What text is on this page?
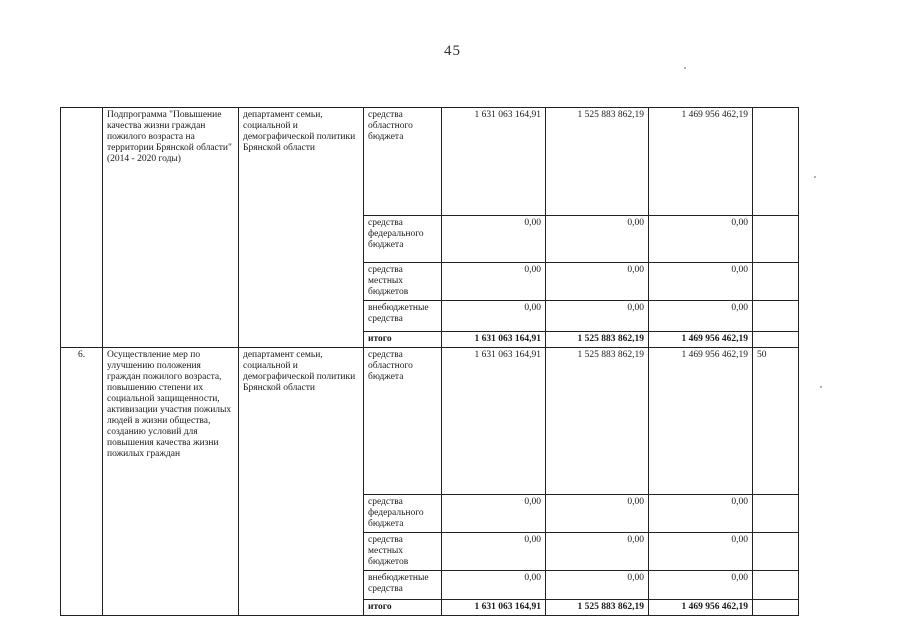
45
	Подпрограмма "Повышение качества жизни граждан пожилого возраста на территории Брянской области" (2014 - 2020 годы)	департамент семьи, социальной и демографической политики Брянской области	средства областного бюджета	1 631 063 164,91	1 525 883 862,19	1 469 956 462,19	
			средства федерального бюджета	0,00	0,00	0,00	
			средства местных бюджетов	0,00	0,00	0,00	
			внебюджетные средства	0,00	0,00	0,00	
			итого	1 631 063 164,91	1 525 883 862,19	1 469 956 462,19	
6.	Осуществление мер по улучшению положения граждан пожилого возраста, повышению степени их социальной защищенности, активизации участия пожилых людей в жизни общества, созданию условий для повышения качества жизни пожилых граждан	департамент семьи, социальной и демографической политики Брянской области	средства областного бюджета	1 631 063 164,91	1 525 883 862,19	1 469 956 462,19	50
			средства федерального бюджета	0,00	0,00	0,00	
			средства местных бюджетов	0,00	0,00	0,00	
			внебюджетные средства	0,00	0,00	0,00	
			итого	1 631 063 164,91	1 525 883 862,19	1 469 956 462,19	
